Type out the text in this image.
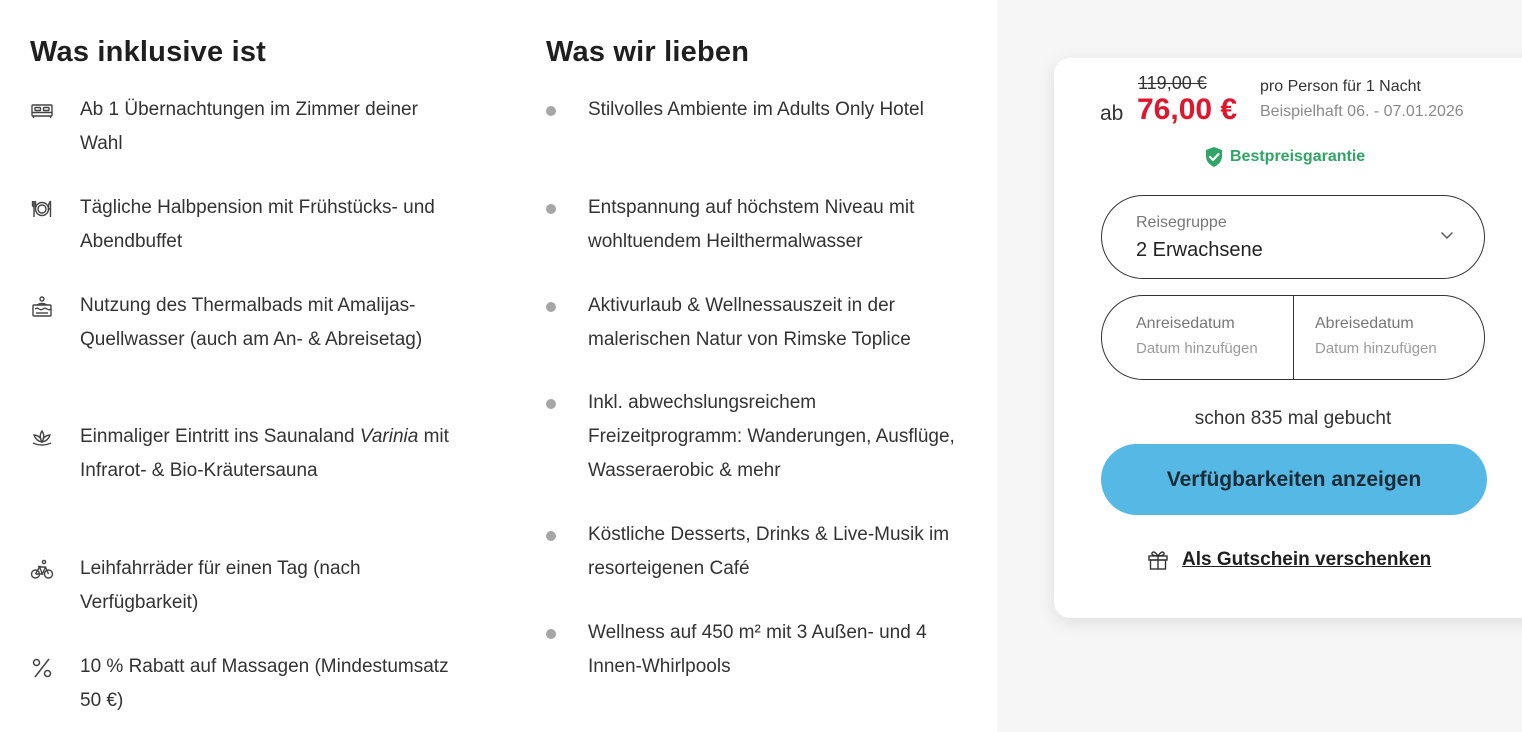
Was inklusive ist
Ab 1 Übernachtungen im Zimmer deiner Wahl
Tägliche Halbpension mit Frühstücks- und Abendbuffet
Nutzung des Thermalbads mit Amalijas-Quellwasser (auch am An- & Abreisetag)
Einmaliger Eintritt ins Saunaland Varinia mit Infrarot- & Bio-Kräutersauna
Leihfahrräder für einen Tag (nach Verfügbarkeit)
10 % Rabatt auf Massagen (Mindestumsatz 50 €)
Was wir lieben
Stilvolles Ambiente im Adults Only Hotel
Entspannung auf höchstem Niveau mit wohltuendem Heilthermalwasser
Aktivurlaub & Wellnessauszeit in der malerischen Natur von Rimske Toplice
Inkl. abwechslungsreichem Freizeitprogramm: Wanderungen, Ausflüge, Wasseraerobic & mehr
Köstliche Desserts, Drinks & Live-Musik im resorteigenen Café
Wellness auf 450 m² mit 3 Außen- und 4 Innen-Whirlpools
119,00 €
ab 76,00 €
pro Person für 1 Nacht
Beispielhaft 06. - 07.01.2026
Bestpreisgarantie
Reisegruppe
2 Erwachsene
Anreisedatum
Datum hinzufügen
Abreisedatum
Datum hinzufügen
schon 835 mal gebucht
Verfügbarkeiten anzeigen
Als Gutschein verschenken
